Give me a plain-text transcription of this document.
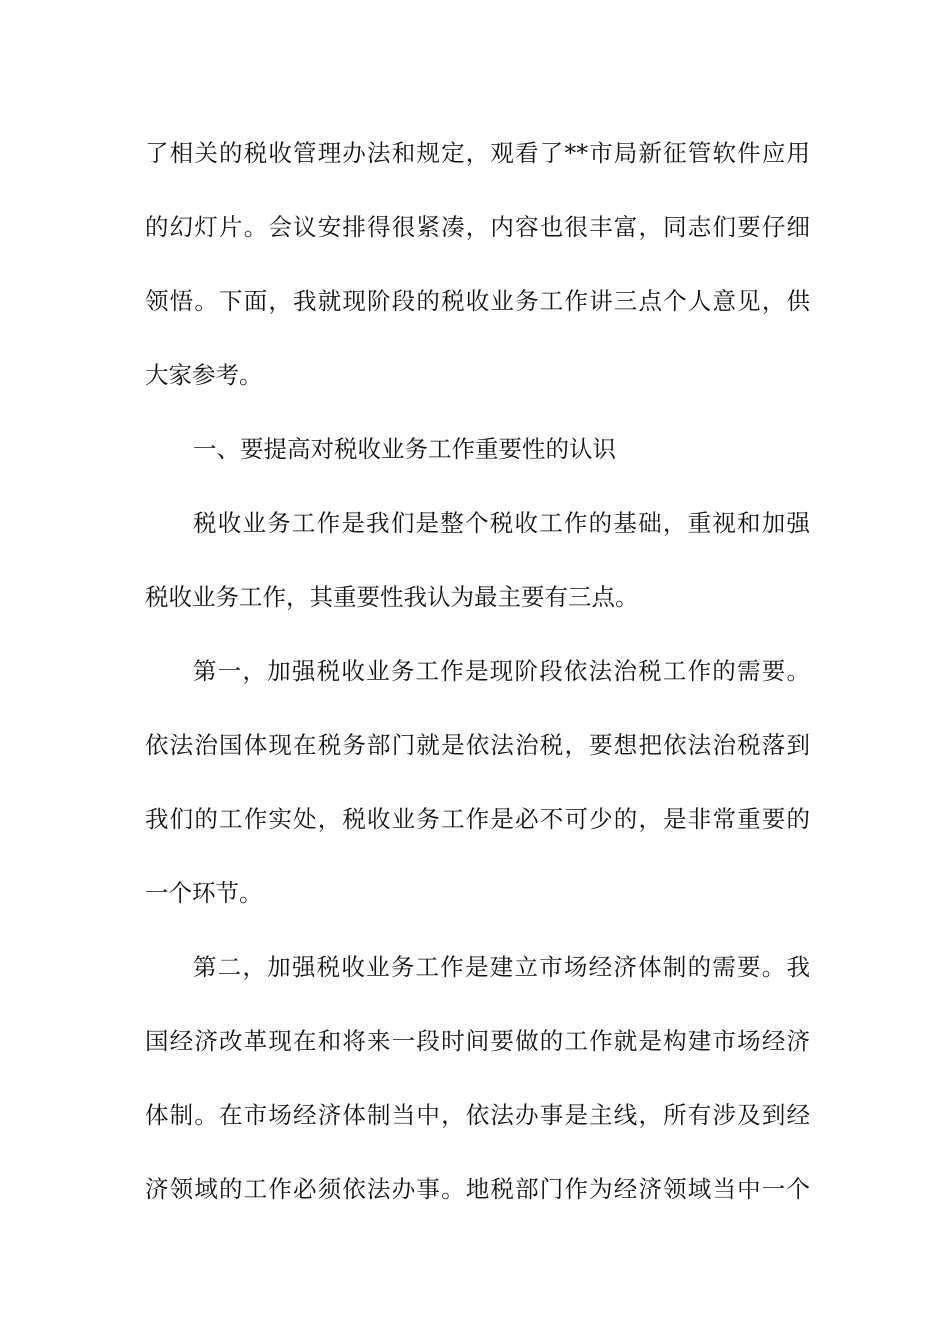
了相关的税收管理办法和规定，观看了**市局新征管软件应用
的幻灯片。会议安排得很紧凑，内容也很丰富，同志们要仔细
领悟。下面，我就现阶段的税收业务工作讲三点个人意见，供
大家参考。
一、要提高对税收业务工作重要性的认识
税收业务工作是我们是整个税收工作的基础，重视和加强
税收业务工作，其重要性我认为最主要有三点。
第一，加强税收业务工作是现阶段依法治税工作的需要。
依法治国体现在税务部门就是依法治税，要想把依法治税落到
我们的工作实处，税收业务工作是必不可少的，是非常重要的
一个环节。
第二，加强税收业务工作是建立市场经济体制的需要。我
国经济改革现在和将来一段时间要做的工作就是构建市场经济
体制。在市场经济体制当中，依法办事是主线，所有涉及到经
济领域的工作必须依法办事。地税部门作为经济领域当中一个
